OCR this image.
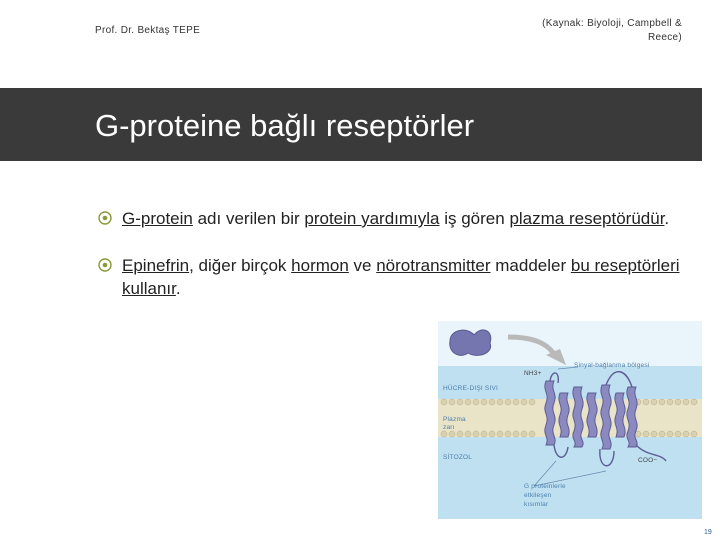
Prof. Dr. Bektaş TEPE
(Kaynak: Biyoloji, Campbell &
Reece)
G-proteine bağlı reseptörler
G-protein adı verilen bir protein yardımıyla iş gören plazma reseptörüdür.
Epinefrin, diğer birçok hormon ve nörotransmitter maddeler bu reseptörleri kullanır.
Sinyal-bağlanma bölgesi
NH3+
HÜCRE-DIŞI SIVI
Plazma
zarı
SİTOZOL	COO−
G proteinlerle
etkileşen
kısımlar
19
